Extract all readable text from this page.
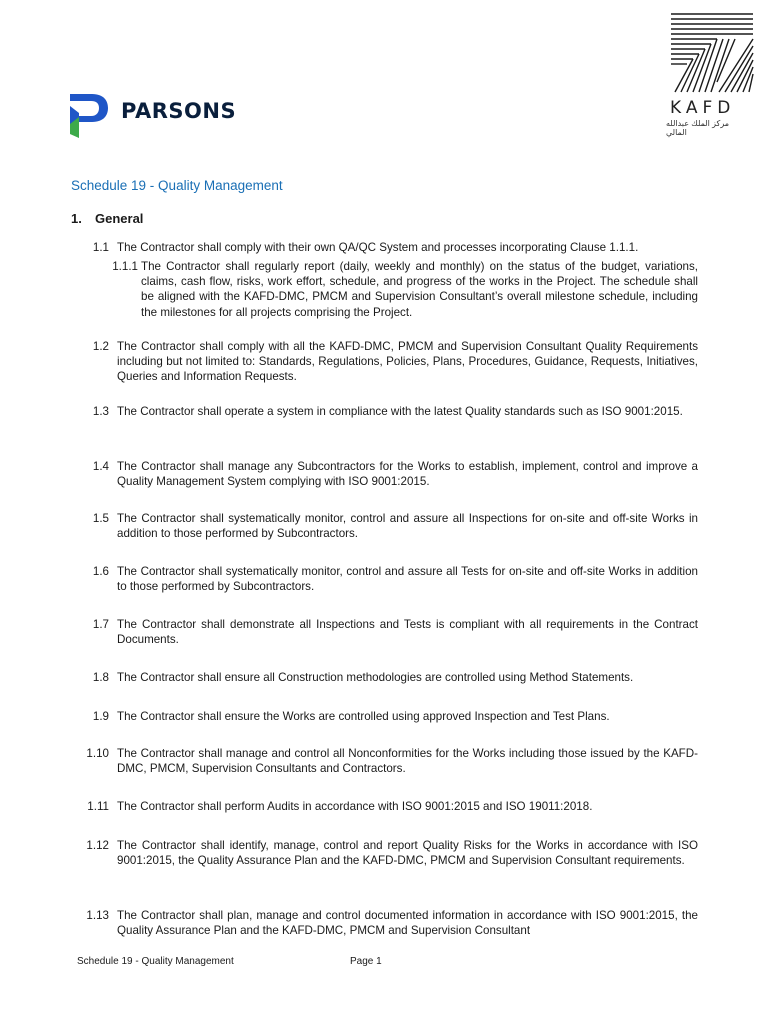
PARSONS	KAFD
مركز الملك عبدالله المالي
Schedule 19 - Quality Management
1. General
1.1 The Contractor shall comply with their own QA/QC System and processes incorporating Clause 1.1.1.
1.1.1 The Contractor shall regularly report (daily, weekly and monthly) on the status of the budget, variations, claims, cash flow, risks, work effort, schedule, and progress of the works in the Project. The schedule shall be aligned with the KAFD-DMC, PMCM and Supervision Consultant’s overall milestone schedule, including the milestones for all projects comprising the Project.
1.2 The Contractor shall comply with all the KAFD-DMC, PMCM and Supervision Consultant Quality Requirements including but not limited to: Standards, Regulations, Policies, Plans, Procedures, Guidance, Requests, Initiatives, Queries and Information Requests.
1.3 The Contractor shall operate a system in compliance with the latest Quality standards such as ISO 9001:2015.
1.4 The Contractor shall manage any Subcontractors for the Works to establish, implement, control and improve a Quality Management System complying with ISO 9001:2015.
1.5 The Contractor shall systematically monitor, control and assure all Inspections for on-site and off-site Works in addition to those performed by Subcontractors.
1.6 The Contractor shall systematically monitor, control and assure all Tests for on-site and off-site Works in addition to those performed by Subcontractors.
1.7 The Contractor shall demonstrate all Inspections and Tests is compliant with all requirements in the Contract Documents.
1.8 The Contractor shall ensure all Construction methodologies are controlled using Method Statements.
1.9 The Contractor shall ensure the Works are controlled using approved Inspection and Test Plans.
1.10 The Contractor shall manage and control all Nonconformities for the Works including those issued by the KAFD-DMC, PMCM, Supervision Consultants and Contractors.
1.11 The Contractor shall perform Audits in accordance with ISO 9001:2015 and ISO 19011:2018.
1.12 The Contractor shall identify, manage, control and report Quality Risks for the Works in accordance with ISO 9001:2015, the Quality Assurance Plan and the KAFD-DMC, PMCM and Supervision Consultant requirements.
1.13 The Contractor shall plan, manage and control documented information in accordance with ISO 9001:2015, the Quality Assurance Plan and the KAFD-DMC, PMCM and Supervision Consultant
Schedule 19 - Quality Management	Page 1
